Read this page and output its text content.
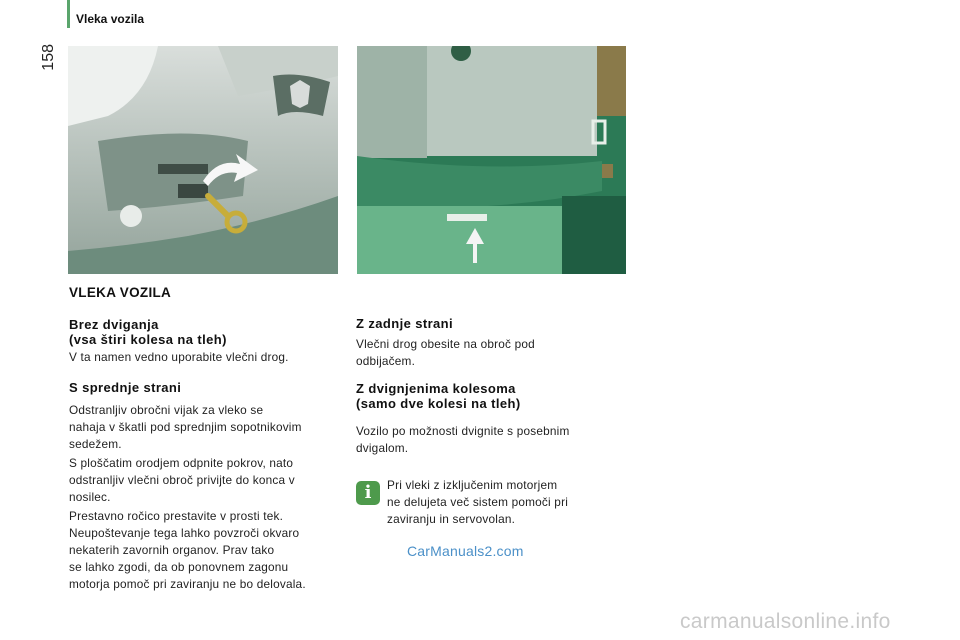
Vleka vozila
158
VLEKA VOZILA
Brez dviganja
(vsa štiri kolesa na tleh)
V ta namen vedno uporabite vlečni drog.
S sprednje strani
Odstranljiv obročni vijak za vleko se
nahaja v škatli pod sprednjim sopotnikovim
sedežem.
S ploščatim orodjem odpnite pokrov, nato
odstranljiv vlečni obroč privijte do konca v
nosilec.
Prestavno ročico prestavite v prosti tek.
Neupoštevanje tega lahko povzroči okvaro
nekaterih zavornih organov. Prav tako
se lahko zgodi, da ob ponovnem zagonu
motorja pomoč pri zaviranju ne bo delovala.
Z zadnje strani
Vlečni drog obesite na obroč pod
odbijačem.
Z dvignjenima kolesoma
(samo dve kolesi na tleh)
Vozilo po možnosti dvignite s posebnim
dvigalom.
i	Pri vleki z izključenim motorjem
ne delujeta več sistem pomoči pri
zaviranju in servovolan.
CarManuals2.com
carmanualsonline.info
